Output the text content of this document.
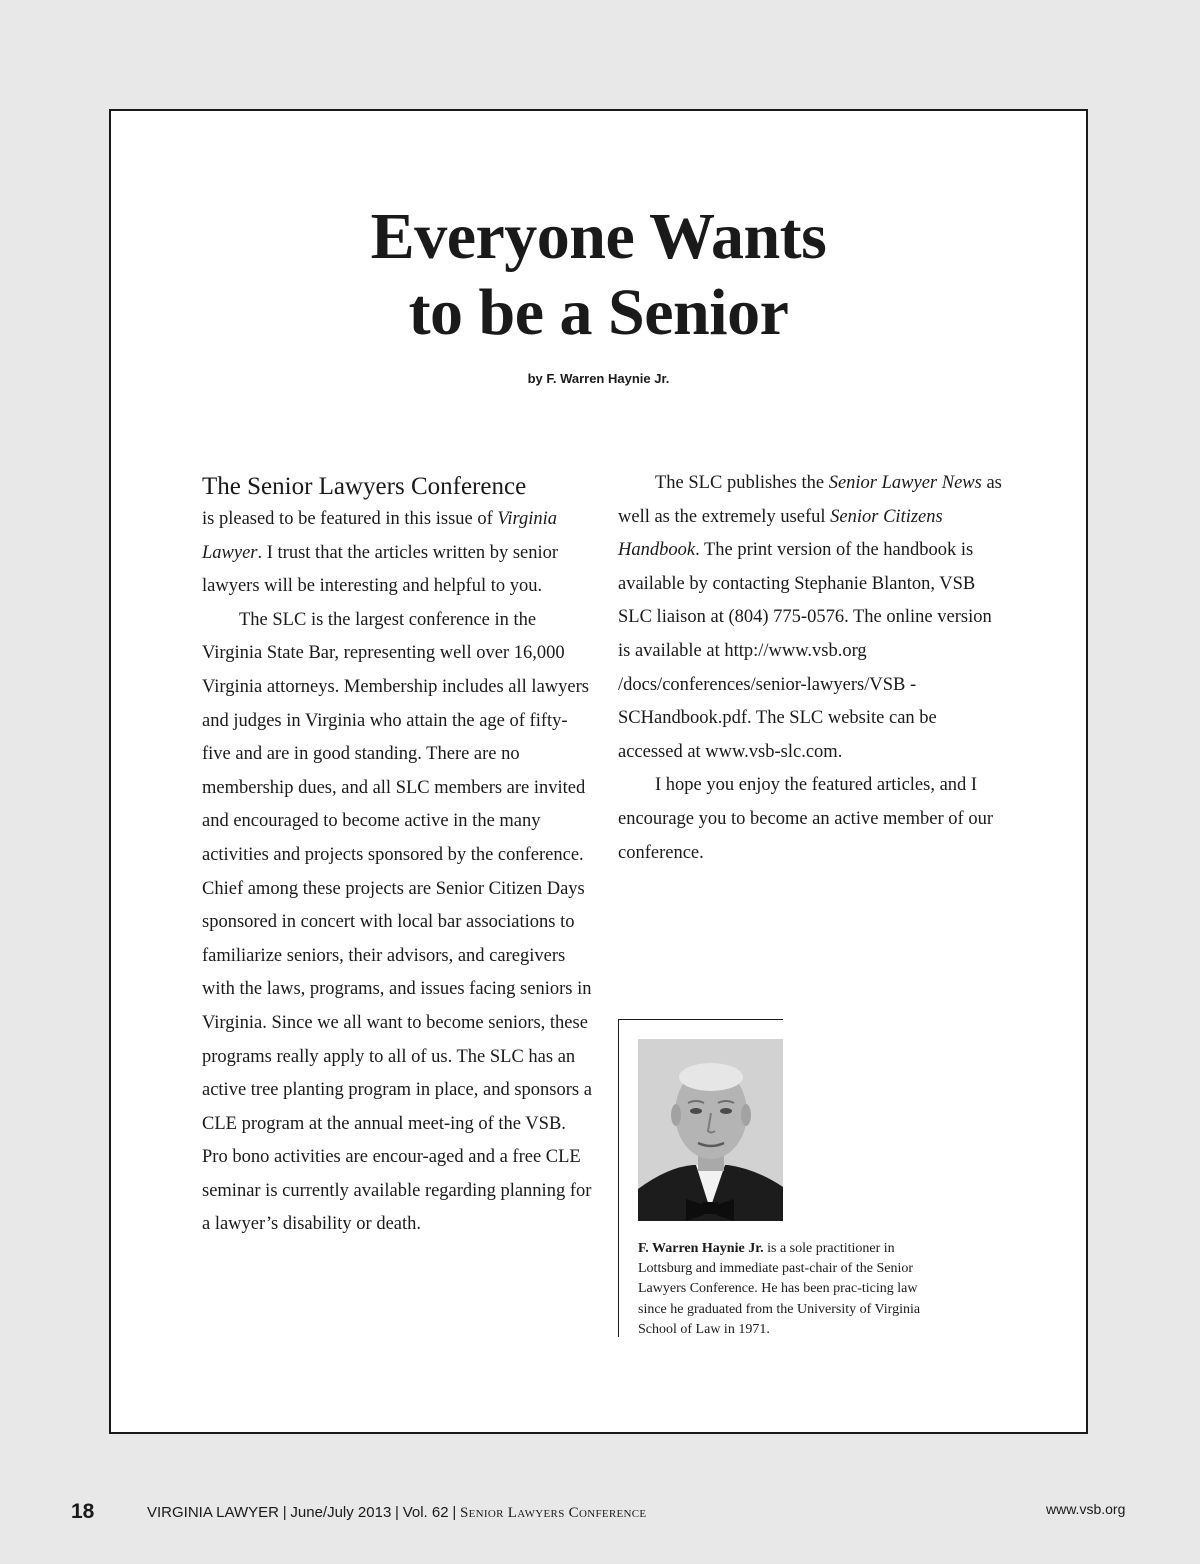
Everyone Wants
to be a Senior
by F. Warren Haynie Jr.
The Senior Lawyers Conference

is pleased to be featured in this issue of Virginia Lawyer. I trust that the articles written by senior lawyers will be interesting and helpful to you.

The SLC is the largest conference in the Virginia State Bar, representing well over 16,000 Virginia attorneys. Membership includes all lawyers and judges in Virginia who attain the age of fifty-five and are in good standing. There are no membership dues, and all SLC members are invited and encouraged to become active in the many activities and projects sponsored by the conference. Chief among these projects are Senior Citizen Days sponsored in concert with local bar associations to familiarize seniors, their advisors, and caregivers with the laws, programs, and issues facing seniors in Virginia. Since we all want to become seniors, these programs really apply to all of us. The SLC has an active tree planting program in place, and sponsors a CLE program at the annual meet-ing of the VSB. Pro bono activities are encour-aged and a free CLE seminar is currently available regarding planning for a lawyer’s disability or death.

The SLC publishes the Senior Lawyer News as well as the extremely useful Senior Citizens Handbook. The print version of the handbook is available by contacting Stephanie Blanton, VSB SLC liaison at (804) 775-0576. The online version is available at http://www.vsb.org /docs/conferences/senior-lawyers/VSB -SCHandbook.pdf. The SLC website can be accessed at www.vsb-slc.com.

I hope you enjoy the featured articles, and I encourage you to become an active member of our conference.

F. Warren Haynie Jr. is a sole practitioner in Lottsburg and immediate past-chair of the Senior Lawyers Conference. He has been prac-ticing law since he graduated from the University of Virginia School of Law in 1971.
18	VIRGINIA LAWYER | June/July 2013 | Vol. 62 | Senior Lawyers Conference	www.vsb.org
